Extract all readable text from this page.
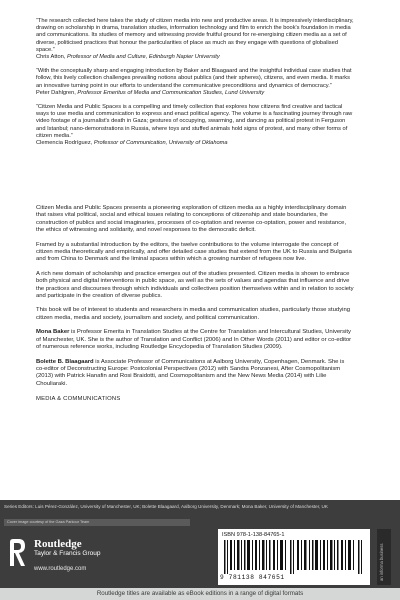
“The research collected here takes the study of citizen media into new and productive areas. It is impressively interdisciplinary, drawing on scholarship in drama, translation studies, information technology and film to enrich the book's foundation in media and communications. Its studies of memory and witnessing provide fruitful ground for re-energising citizen media as a set of diverse, politicised practices that honour the particularities of place as much as they engage with questions of globalised space.”
Chris Atton, Professor of Media and Culture, Edinburgh Napier University
“With the conceptually sharp and engaging introduction by Baker and Blaagaard and the insightful individual case studies that follow, this lively collection challenges prevailing notions about publics (and their spheres), citizens, and even media. It marks an innovative turning point in our efforts to understand the communicative preconditions and dynamics of democracy.”
Peter Dahlgren, Professor Emeritus of Media and Communication Studies, Lund University
“Citizen Media and Public Spaces is a compelling and timely collection that explores how citizens find creative and tactical ways to use media and communication to express and enact political agency. The volume is a fascinating journey through raw video footage of a journalist's death in Gaza; gestures of occupying, swarming, and dancing as political protest in Ferguson and Istanbul; nano-demonstrations in Russia, where toys and stuffed animals hold signs of protest, and many other forms of citizen media.”
Clemencia Rodríguez, Professor of Communication, University of Oklahoma

Citizen Media and Public Spaces presents a pioneering exploration of citizen media as a highly interdisciplinary domain that raises vital political, social and ethical issues relating to conceptions of citizenship and state boundaries, the construction of publics and social imaginaries, processes of co-optation and reverse co-optation, power and resistance, the ethics of witnessing and solidarity, and novel responses to the democratic deficit.

Framed by a substantial introduction by the editors, the twelve contributions to the volume interrogate the concept of citizen media theoretically and empirically, and offer detailed case studies that extend from the UK to Russia and Bulgaria and from China to Denmark and the liminal spaces within which a growing number of refugees now live.

A rich new domain of scholarship and practice emerges out of the studies presented. Citizen media is shown to embrace both physical and digital interventions in public space, as well as the sets of values and agendas that influence and drive the practices and discourses through which individuals and collectives position themselves within and in relation to society and participate in the creation of diverse publics.

This book will be of interest to students and researchers in media and communication studies, particularly those studying citizen media, media and society, journalism and society, and political communication.

Mona Baker is Professor Emerita in Translation Studies at the Centre for Translation and Intercultural Studies, University of Manchester, UK. She is the author of Translation and Conflict (2006) and In Other Words (2011) and editor or co-editor of numerous reference works, including Routledge Encyclopedia of Translation Studies (2009).

Bolette B. Blaagaard is Associate Professor of Communications at Aalborg University, Copenhagen, Denmark. She is co-editor of Deconstructing Europe: Postcolonial Perspectives (2012) with Sandra Ponzanesi, After Cosmopolitanism (2013) with Patrick Hanafin and Rosi Braidotti, and Cosmopolitanism and the New News Media (2014) with Lilie Chouliaraki.

MEDIA & COMMUNICATIONS
Series Editors: Luis Pérez-González, University of Manchester, UK; Bolette Blaagaard, Aalborg University, Denmark; Mona Baker, University of Manchester, UK
Cover image courtesy of the Gaza Parkour Team
Routledge
Taylor & Francis Group
www.routledge.com
ISBN 978-1-138-84765-1
9 781138 847651	an informa business
Routledge titles are available as eBook editions in a range of digital formats
